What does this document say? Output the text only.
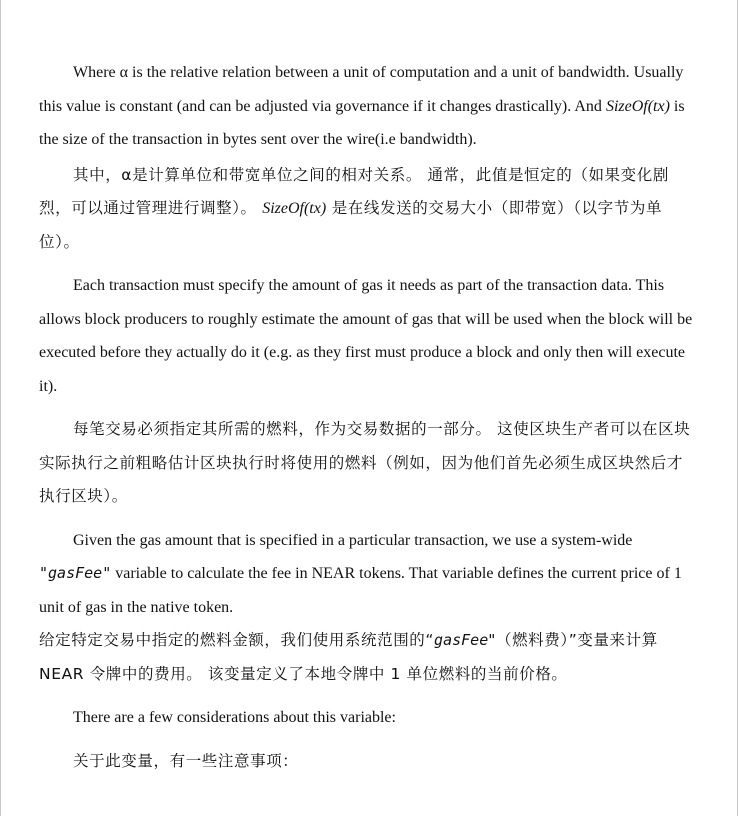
Where α is the relative relation between a unit of computation and a unit of bandwidth. Usually this value is constant (and can be adjusted via governance if it changes drastically). And SizeOf(tx) is the size of the transaction in bytes sent over the wire(i.e bandwidth).

其中，α是计算单位和带宽单位之间的相对关系。 通常，此值是恒定的（如果变化剧烈，可以通过管理进行调整）。 SizeOf(tx) 是在线发送的交易大小（即带宽）（以字节为单位）。

Each transaction must specify the amount of gas it needs as part of the transaction data. This allows block producers to roughly estimate the amount of gas that will be used when the block will be executed before they actually do it (e.g. as they first must produce a block and only then will execute it).

每笔交易必须指定其所需的燃料，作为交易数据的一部分。 这使区块生产者可以在区块实际执行之前粗略估计区块执行时将使用的燃料（例如，因为他们首先必须生成区块然后才执行区块）。

Given the gas amount that is specified in a particular transaction, we use a system-wide "gasFee" variable to calculate the fee in NEAR tokens. That variable defines the current price of 1 unit of gas in the native token.

给定特定交易中指定的燃料金额，我们使用系统范围的“gasFee"（燃料费）”变量来计算 NEAR 令牌中的费用。 该变量定义了本地令牌中 1 单位燃料的当前价格。

There are a few considerations about this variable:

关于此变量，有一些注意事项：
